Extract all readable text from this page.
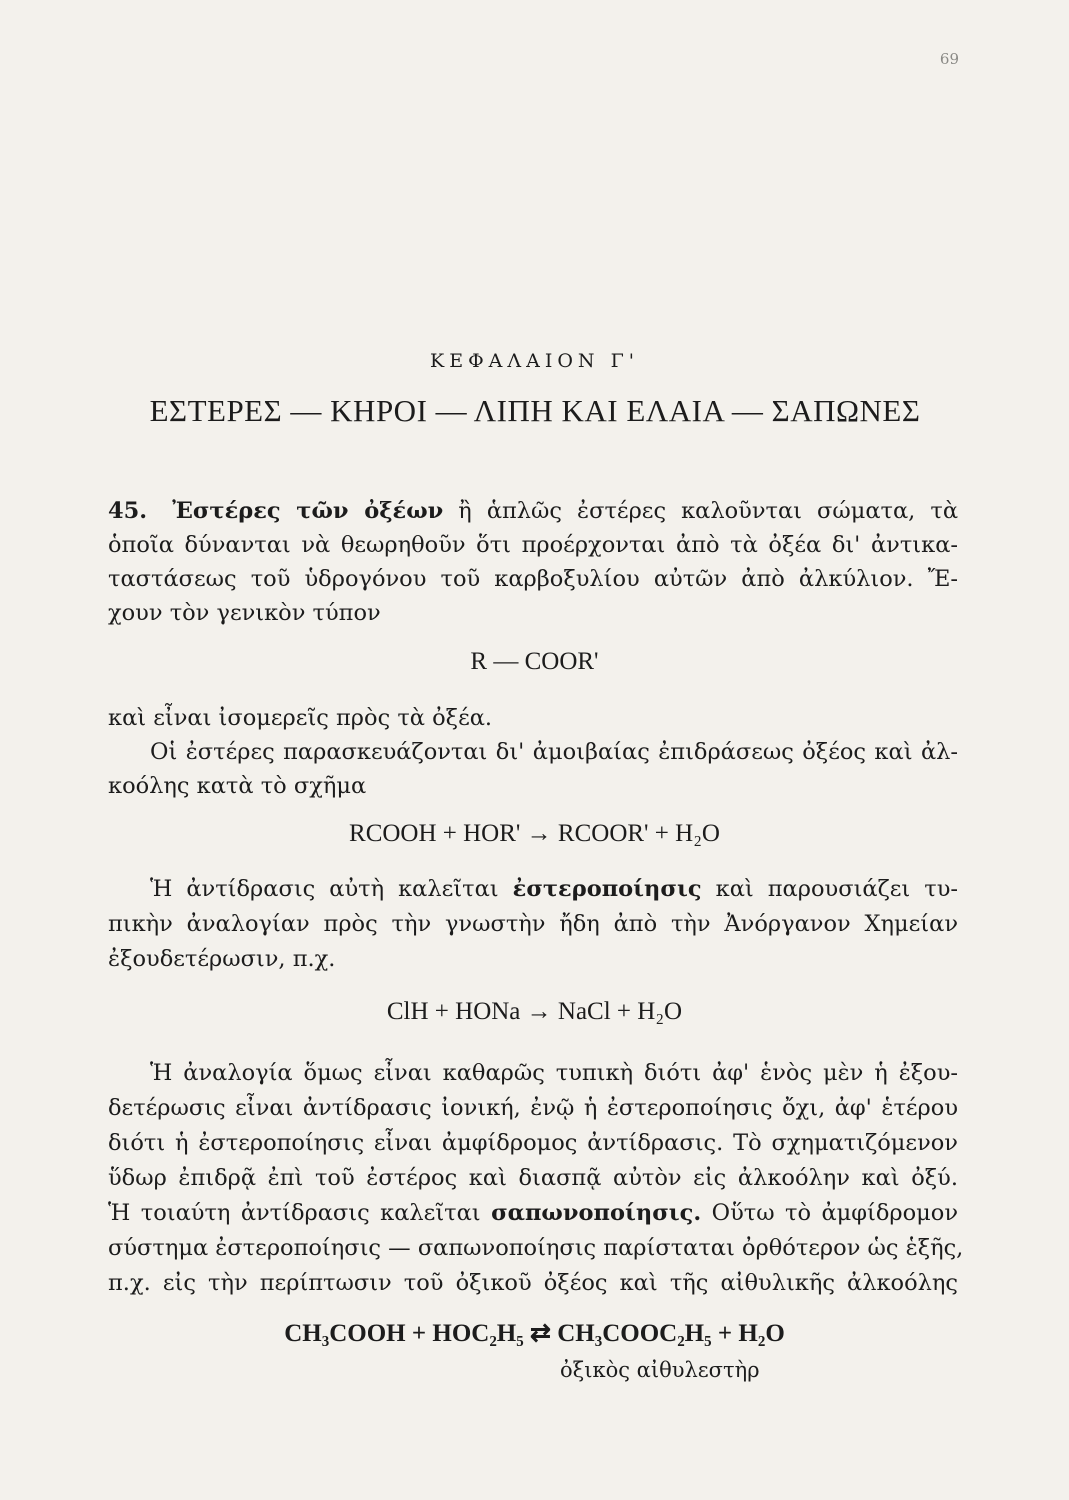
69
ΚΕΦΑΛΑΙΟΝ Γ'
ΕΣΤΕΡΕΣ — ΚΗΡΟΙ — ΛΙΠΗ ΚΑΙ ΕΛΑΙΑ — ΣΑΠΩΝΕΣ
45. Ἐστέρες τῶν ὀξέων ἢ ἁπλῶς ἐστέρες καλοῦνται σώματα, τὰ
ὁποῖα δύνανται νὰ θεωρηθοῦν ὅτι προέρχονται ἀπὸ τὰ ὀξέα δι' ἀντικα-
ταστάσεως τοῦ ὑδρογόνου τοῦ καρβοξυλίου αὐτῶν ἀπὸ ἀλκύλιον. Ἔ-
χουν τὸν γενικὸν τύπον
R — COOR'
καὶ εἶναι ἰσομερεῖς πρὸς τὰ ὀξέα.
Οἱ ἐστέρες παρασκευάζονται δι' ἀμοιβαίας ἐπιδράσεως ὀξέος καὶ ἀλ-
κοόλης κατὰ τὸ σχῆμα
RCOOH + HOR' → RCOOR' + H₂O
Ἡ ἀντίδρασις αὐτὴ καλεῖται ἐστεροποίησις καὶ παρουσιάζει τυ-
πικὴν ἀναλογίαν πρὸς τὴν γνωστὴν ἤδη ἀπὸ τὴν Ἀνόργανον Χημείαν
ἐξουδετέρωσιν, π.χ.
ClH + HONa → NaCl + H₂O
Ἡ ἀναλογία ὅμως εἶναι καθαρῶς τυπικὴ διότι ἀφ' ἑνὸς μὲν ἡ ἐξου-
δετέρωσις εἶναι ἀντίδρασις ἰονική, ἐνῷ ἡ ἐστεροποίησις ὄχι, ἀφ' ἑτέρου
διότι ἡ ἐστεροποίησις εἶναι ἀμφίδρομος ἀντίδρασις. Τὸ σχηματιζόμενον
ὕδωρ ἐπιδρᾷ ἐπὶ τοῦ ἐστέρος καὶ διασπᾷ αὐτὸν εἰς ἀλκοόλην καὶ ὀξύ.
Ἡ τοιαύτη ἀντίδρασις καλεῖται σαπωνοποίησις. Οὕτω τὸ ἀμφίδρομον
σύστημα ἐστεροποίησις — σαπωνοποίησις παρίσταται ὀρθότερον ὡς ἑξῆς,
π.χ. εἰς τὴν περίπτωσιν τοῦ ὀξικοῦ ὀξέος καὶ τῆς αἰθυλικῆς ἀλκοόλης
CH₃COOH + HOC₂H₅ ⇄ CH₃COOC₂H₅ + H₂O
ὀξικὸς αἰθυλεστὴρ
